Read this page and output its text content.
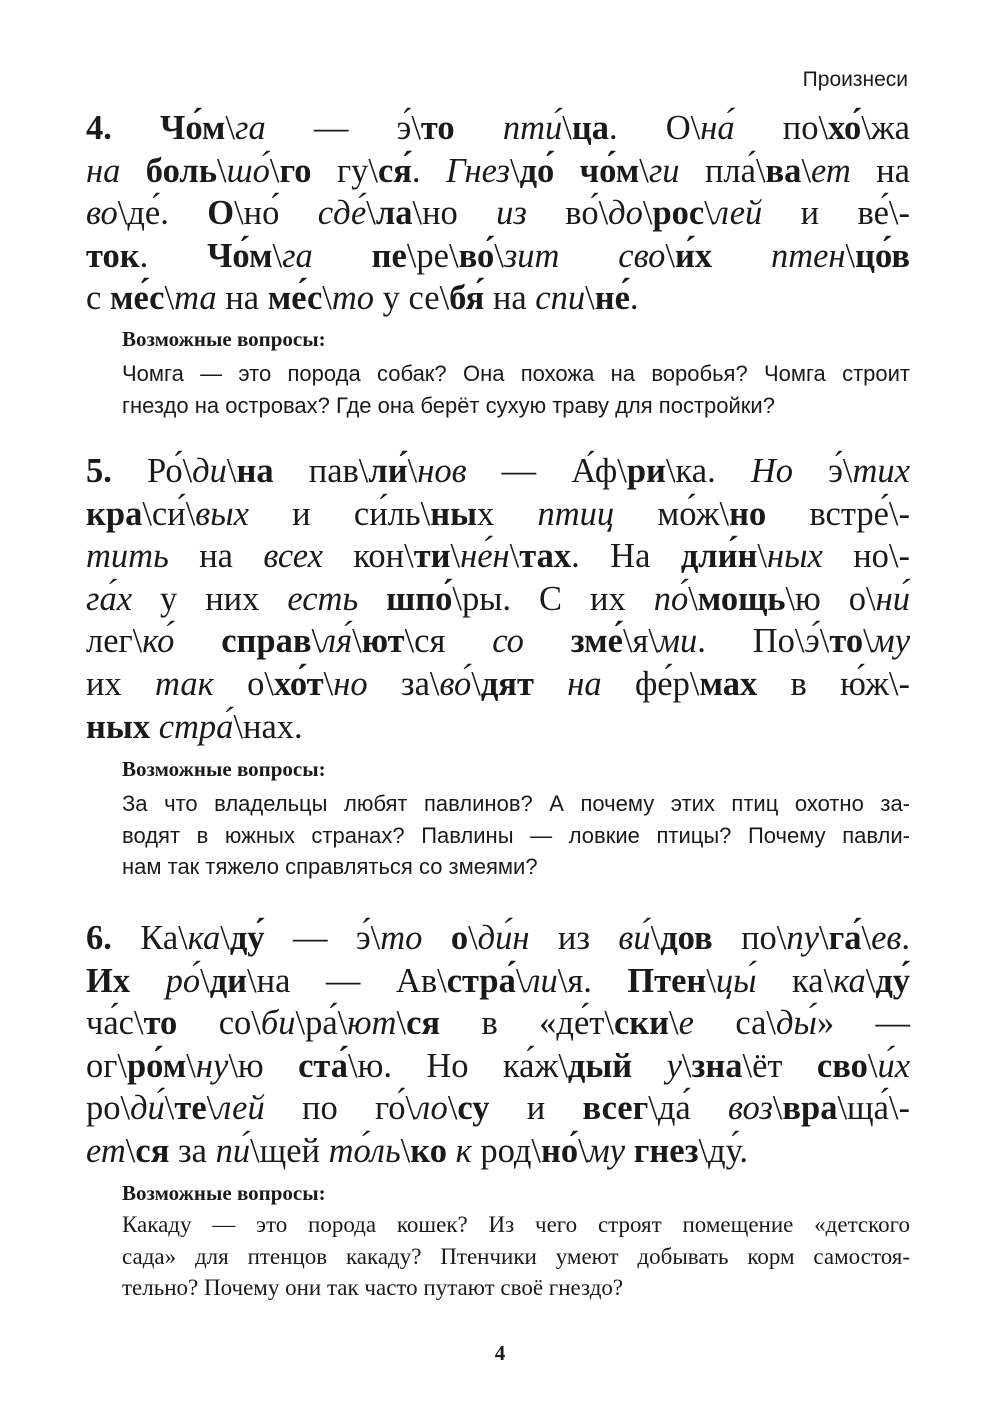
Произнеси
4. Чо́м\га — э́\то пти́\ца. О\на́ по\хо́\жа
на боль\шо́\го гу\ся́. Гнез\до́ чо́м\ги пла́\ва\ет на
во\де́. О\но́ сде́\ла\но из во́\до\рос\лей и ве́\-
ток. Чо́м\га пе\ре\во́\зит сво\и́х птен\цо́в
с ме́с\та на ме́с\то у се\бя́ на спи\не́.
Возможные вопросы:
Чомга — это порода собак? Она похожа на воробья? Чомга строит
гнездо на островах? Где она берёт сухую траву для постройки?
5. Ро́\ди\на пав\ли́\нов — А́ф\ри\ка. Но э́\тих
кра\си́\вых и си́ль\ных птиц мо́ж\но встре́\-
тить на всех кон\ти\не́н\тах. На дли́н\ных но\-
га́х у них есть шпо́\ры. С их по́\мощь\ю о\ни́
лег\ко́ справ\ля́\ют\ся со зме́\я\ми. По\э́\то\му
их так о\хо́т\но за\во́\дят на фе́р\мах в ю́ж\-
ных стра́\нах.
Возможные вопросы:
За что владельцы любят павлинов? А почему этих птиц охотно за-
водят в южных странах? Павлины — ловкие птицы? Почему павли-
нам так тяжело справляться со змеями?
6. Ка\ка\ду́ — э́\то о\ди́н из ви́\дов по\пу\га́\ев.
Их ро́\ди\на — Ав\стра́\ли\я. Птен\цы́ ка\ка\ду́
ча́с\то со\би\ра́\ют\ся в «де́т\ски\е са\ды́» —
ог\ро́м\ну\ю ста́\ю. Но ка́ж\дый у\зна\ёт сво\и́х
ро\ди́\те\лей по го́\ло\су и всег\да́ воз\вра\ща́\-
ет\ся за пи́\щей то́ль\ко к род\но́\му гнез\ду́.
Возможные вопросы:
Какаду — это порода кошек? Из чего строят помещение «детского
сада» для птенцов какаду? Птенчики умеют добывать корм самостоя-
тельно? Почему они так часто путают своё гнездо?
4
